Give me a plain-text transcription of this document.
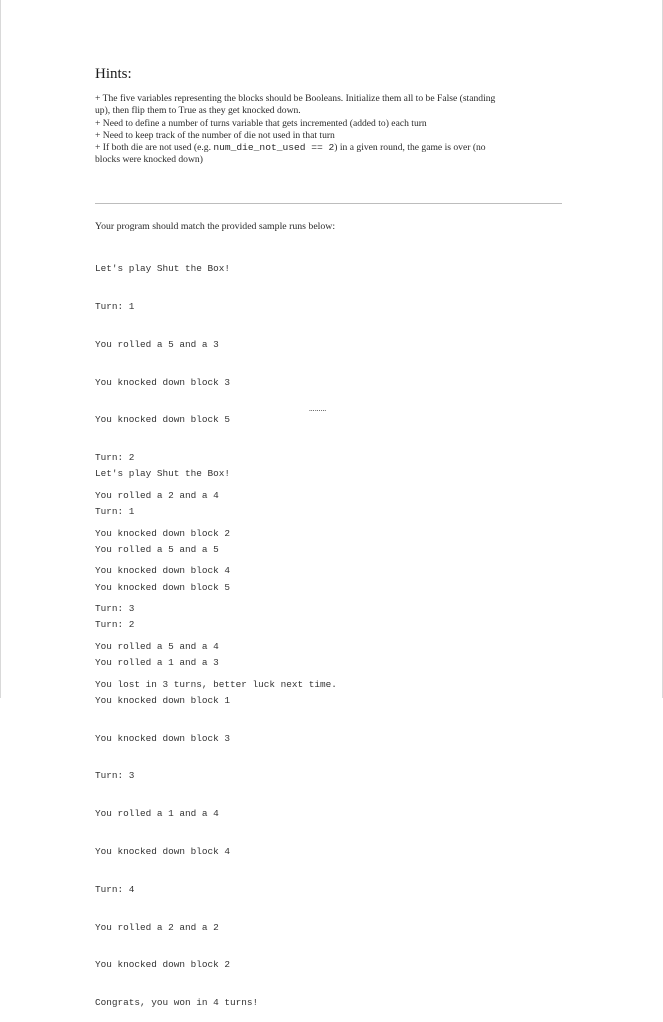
Hints:
+ The five variables representing the blocks should be Booleans. Initialize them all to be False (standing
up), then flip them to True as they get knocked down.
+ Need to define a number of turns variable that gets incremented (added to) each turn
+ Need to keep track of the number of die not used in that turn
+ If both die are not used (e.g. num_die_not_used == 2) in a given round, the game is over (no
blocks were knocked down)
Your program should match the provided sample runs below:

Let's play Shut the Box!

Turn: 1

You rolled a 5 and a 3

You knocked down block 3

You knocked down block 5

Turn: 2

You rolled a 2 and a 4

You knocked down block 2

You knocked down block 4

Turn: 3

You rolled a 5 and a 4

You lost in 3 turns, better luck next time.

………

Let's play Shut the Box!

Turn: 1

You rolled a 5 and a 5

You knocked down block 5

Turn: 2

You rolled a 1 and a 3

You knocked down block 1

You knocked down block 3

Turn: 3

You rolled a 1 and a 4

You knocked down block 4

Turn: 4

You rolled a 2 and a 2

You knocked down block 2

Congrats, you won in 4 turns!
